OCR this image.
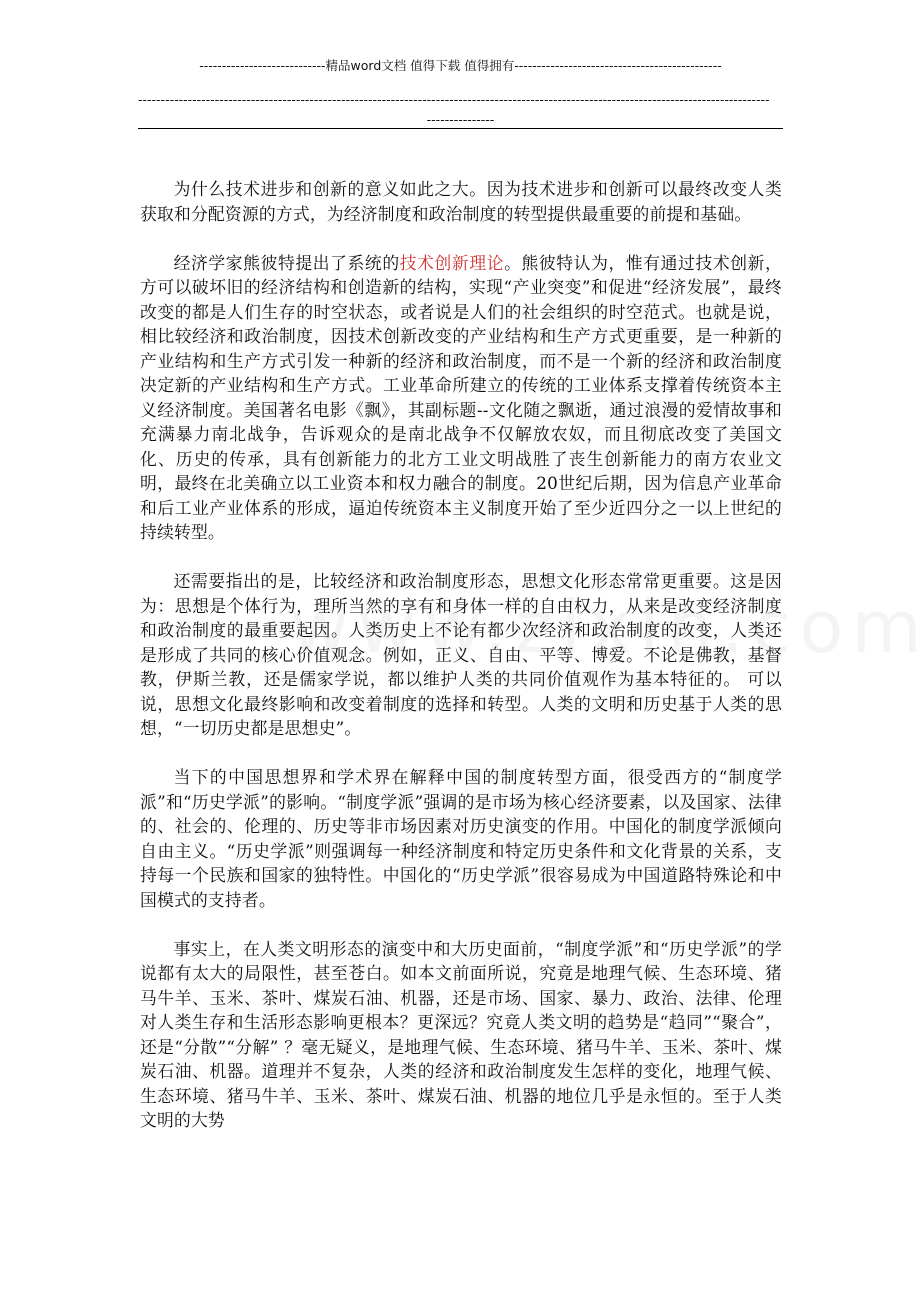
----------------------------精品word文档 值得下载 值得拥有----------------------------------------------
--------------------------------------------------------------------------------------------------------------------------------------------
---------------

为什么技术进步和创新的意义如此之大。因为技术进步和创新可以最终改变人类获取和分配资源的方式，为经济制度和政治制度的转型提供最重要的前提和基础。

经济学家熊彼特提出了系统的技术创新理论。熊彼特认为，惟有通过技术创新，方可以破坏旧的经济结构和创造新的结构，实现“产业突变”和促进“经济发展”，最终改变的都是人们生存的时空状态，或者说是人们的社会组织的时空范式。也就是说，相比较经济和政治制度，因技术创新改变的产业结构和生产方式更重要，是一种新的产业结构和生产方式引发一种新的经济和政治制度，而不是一个新的经济和政治制度决定新的产业结构和生产方式。工业革命所建立的传统的工业体系支撑着传统资本主义经济制度。美国著名电影《飘》，其副标题--文化随之飘逝，通过浪漫的爱情故事和充满暴力南北战争，告诉观众的是南北战争不仅解放农奴，而且彻底改变了美国文化、历史的传承，具有创新能力的北方工业文明战胜了丧生创新能力的南方农业文明，最终在北美确立以工业资本和权力融合的制度。20世纪后期，因为信息产业革命和后工业产业体系的形成，逼迫传统资本主义制度开始了至少近四分之一以上世纪的持续转型。

还需要指出的是，比较经济和政治制度形态，思想文化形态常常更重要。这是因为：思想是个体行为，理所当然的享有和身体一样的自由权力，从来是改变经济制度和政治制度的最重要起因。人类历史上不论有都少次经济和政治制度的改变，人类还是形成了共同的核心价值观念。例如，正义、自由、平等、博爱。不论是佛教，基督教，伊斯兰教，还是儒家学说，都以维护人类的共同价值观作为基本特征的。 可以说，思想文化最终影响和改变着制度的选择和转型。人类的文明和历史基于人类的思想，“一切历史都是思想史”。

当下的中国思想界和学术界在解释中国的制度转型方面，很受西方的“制度学派”和“历史学派”的影响。“制度学派”强调的是市场为核心经济要素，以及国家、法律的、社会的、伦理的、历史等非市场因素对历史演变的作用。中国化的制度学派倾向自由主义。“历史学派”则强调每一种经济制度和特定历史条件和文化背景的关系，支持每一个民族和国家的独特性。中国化的“历史学派”很容易成为中国道路特殊论和中国模式的支持者。

事实上，在人类文明形态的演变中和大历史面前，“制度学派”和“历史学派”的学说都有太大的局限性，甚至苍白。如本文前面所说，究竟是地理气候、生态环境、猪马牛羊、玉米、茶叶、煤炭石油、机器，还是市场、国家、暴力、政治、法律、伦理对人类生存和生活形态影响更根本？更深远？究竟人类文明的趋势是“趋同”“聚合”，还是“分散”“分解” ？毫无疑义，是地理气候、生态环境、猪马牛羊、玉米、茶叶、煤炭石油、机器。道理并不复杂，人类的经济和政治制度发生怎样的变化，地理气候、生态环境、猪马牛羊、玉米、茶叶、煤炭石油、机器的地位几乎是永恒的。至于人类文明的大势
